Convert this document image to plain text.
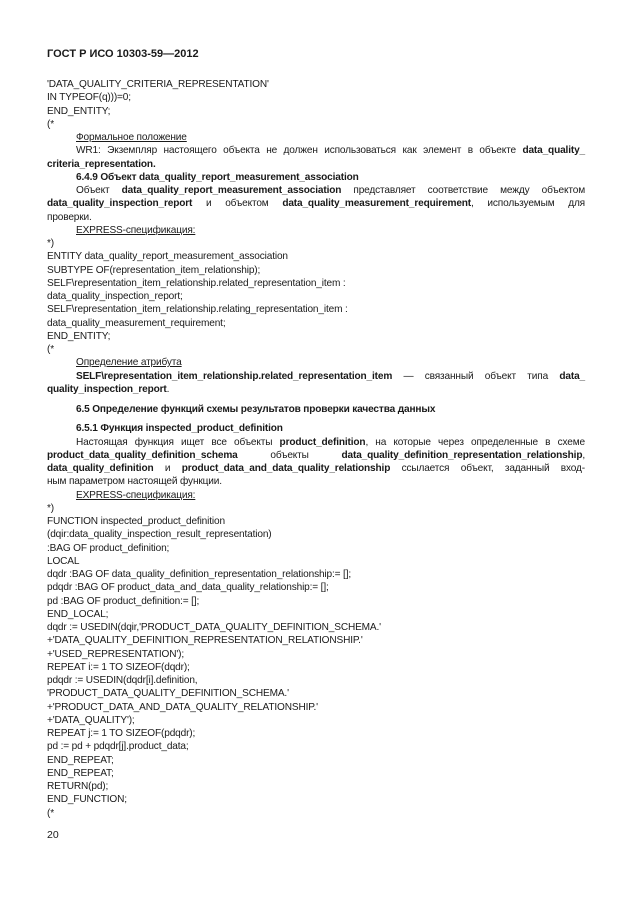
ГОСТ Р ИСО 10303-59—2012
'DATA_QUALITY_CRITERIA_REPRESENTATION'
IN TYPEOF(q)))=0;
END_ENTITY;
(*
Формальное положение
WR1: Экземпляр настоящего объекта не должен использоваться как элемент в объекте data_quality_
criteria_representation.
6.4.9 Объект data_quality_report_measurement_association
Объект data_quality_report_measurement_association представляет соответствие между объектом
data_quality_inspection_report и объектом data_quality_measurement_requirement, используемым для
проверки.
EXPRESS-спецификация:
*)
ENTITY data_quality_report_measurement_association
SUBTYPE OF(representation_item_relationship);
SELF\representation_item_relationship.related_representation_item :
data_quality_inspection_report;
SELF\representation_item_relationship.relating_representation_item :
data_quality_measurement_requirement;
END_ENTITY;
(*
Определение атрибута
SELF\representation_item_relationship.related_representation_item — связанный объект типа data_
quality_inspection_report.
6.5 Определение функций схемы результатов проверки качества данных
6.5.1 Функция inspected_product_definition
Настоящая функция ищет все объекты product_definition, на которые через определенные в схеме
product_data_quality_definition_schema объекты data_quality_definition_representation_relationship,
data_quality_definition и product_data_and_data_quality_relationship ссылается объект, заданный вход-
ным параметром настоящей функции.
EXPRESS-спецификация:
*)
FUNCTION inspected_product_definition
(dqir:data_quality_inspection_result_representation)
:BAG OF product_definition;
LOCAL
dqdr :BAG OF data_quality_definition_representation_relationship:= [];
pdqdr :BAG OF product_data_and_data_quality_relationship:= [];
pd :BAG OF product_definition:= [];
END_LOCAL;
dqdr := USEDIN(dqir,'PRODUCT_DATA_QUALITY_DEFINITION_SCHEMA.'
+'DATA_QUALITY_DEFINITION_REPRESENTATION_RELATIONSHIP.'
+'USED_REPRESENTATION');
REPEAT i:= 1 TO SIZEOF(dqdr);
pdqdr := USEDIN(dqdr[i].definition,
'PRODUCT_DATA_QUALITY_DEFINITION_SCHEMA.'
+'PRODUCT_DATA_AND_DATA_QUALITY_RELATIONSHIP.'
+'DATA_QUALITY');
REPEAT j:= 1 TO SIZEOF(pdqdr);
pd := pd + pdqdr[j].product_data;
END_REPEAT;
END_REPEAT;
RETURN(pd);
END_FUNCTION;
(*
20
